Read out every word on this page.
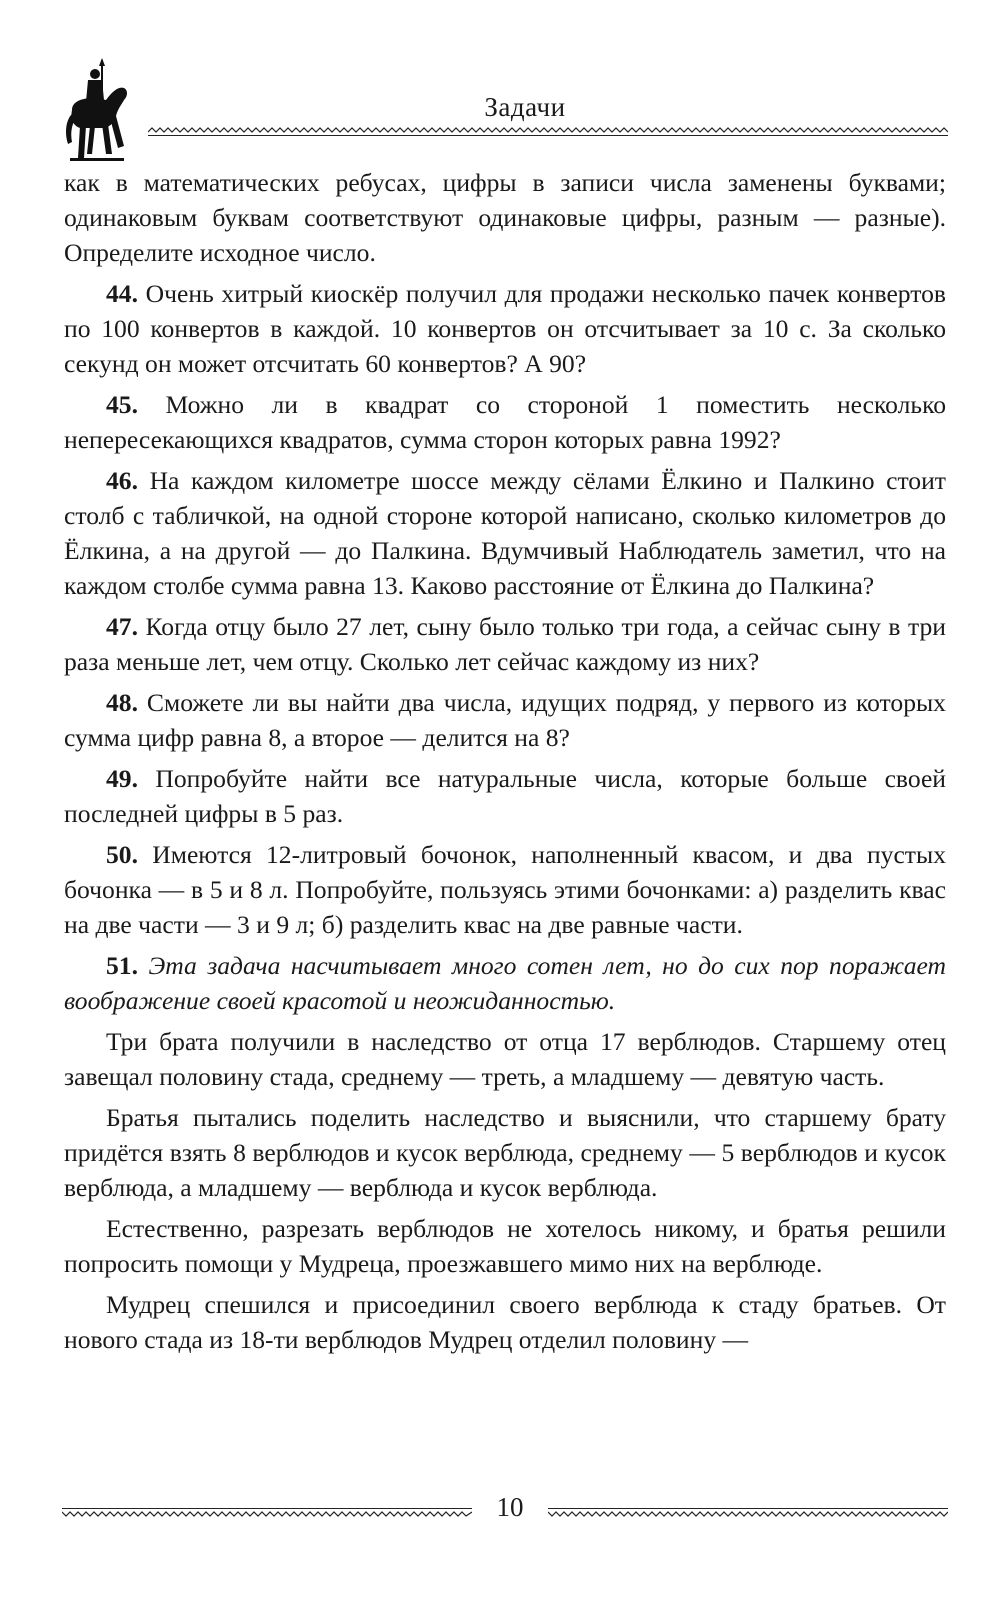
Задачи

как в математических ребусах, цифры в записи числа заменены буквами; одинаковым буквам соответствуют одинаковые цифры, разным — разные). Определите исходное число.

44. Очень хитрый киоскёр получил для продажи несколько пачек конвертов по 100 конвертов в каждой. 10 конвертов он отсчитывает за 10 с. За сколько секунд он может отсчитать 60 конвертов? А 90?

45. Можно ли в квадрат со стороной 1 поместить несколько непересекающихся квадратов, сумма сторон которых равна 1992?

46. На каждом километре шоссе между сёлами Ёлкино и Палкино стоит столб с табличкой, на одной стороне которой написано, сколько километров до Ёлкина, а на другой — до Палкина. Вдумчивый Наблюдатель заметил, что на каждом столбе сумма равна 13. Каково расстояние от Ёлкина до Палкина?

47. Когда отцу было 27 лет, сыну было только три года, а сейчас сыну в три раза меньше лет, чем отцу. Сколько лет сейчас каждому из них?

48. Сможете ли вы найти два числа, идущих подряд, у первого из которых сумма цифр равна 8, а второе — делится на 8?

49. Попробуйте найти все натуральные числа, которые больше своей последней цифры в 5 раз.

50. Имеются 12-литровый бочонок, наполненный квасом, и два пустых бочонка — в 5 и 8 л. Попробуйте, пользуясь этими бочонками: а) разделить квас на две части — 3 и 9 л; б) разделить квас на две равные части.

51. Эта задача насчитывает много сотен лет, но до сих пор поражает воображение своей красотой и неожиданностью.

Три брата получили в наследство от отца 17 верблюдов. Старшему отец завещал половину стада, среднему — треть, а младшему — девятую часть.

Братья пытались поделить наследство и выяснили, что старшему брату придётся взять 8 верблюдов и кусок верблюда, среднему — 5 верблюдов и кусок верблюда, а младшему — верблюда и кусок верблюда.

Естественно, разрезать верблюдов не хотелось никому, и братья решили попросить помощи у Мудреца, проезжавшего мимо них на верблюде.

Мудрец спешился и присоединил своего верблюда к стаду братьев. От нового стада из 18-ти верблюдов Мудрец отделил половину —

10
